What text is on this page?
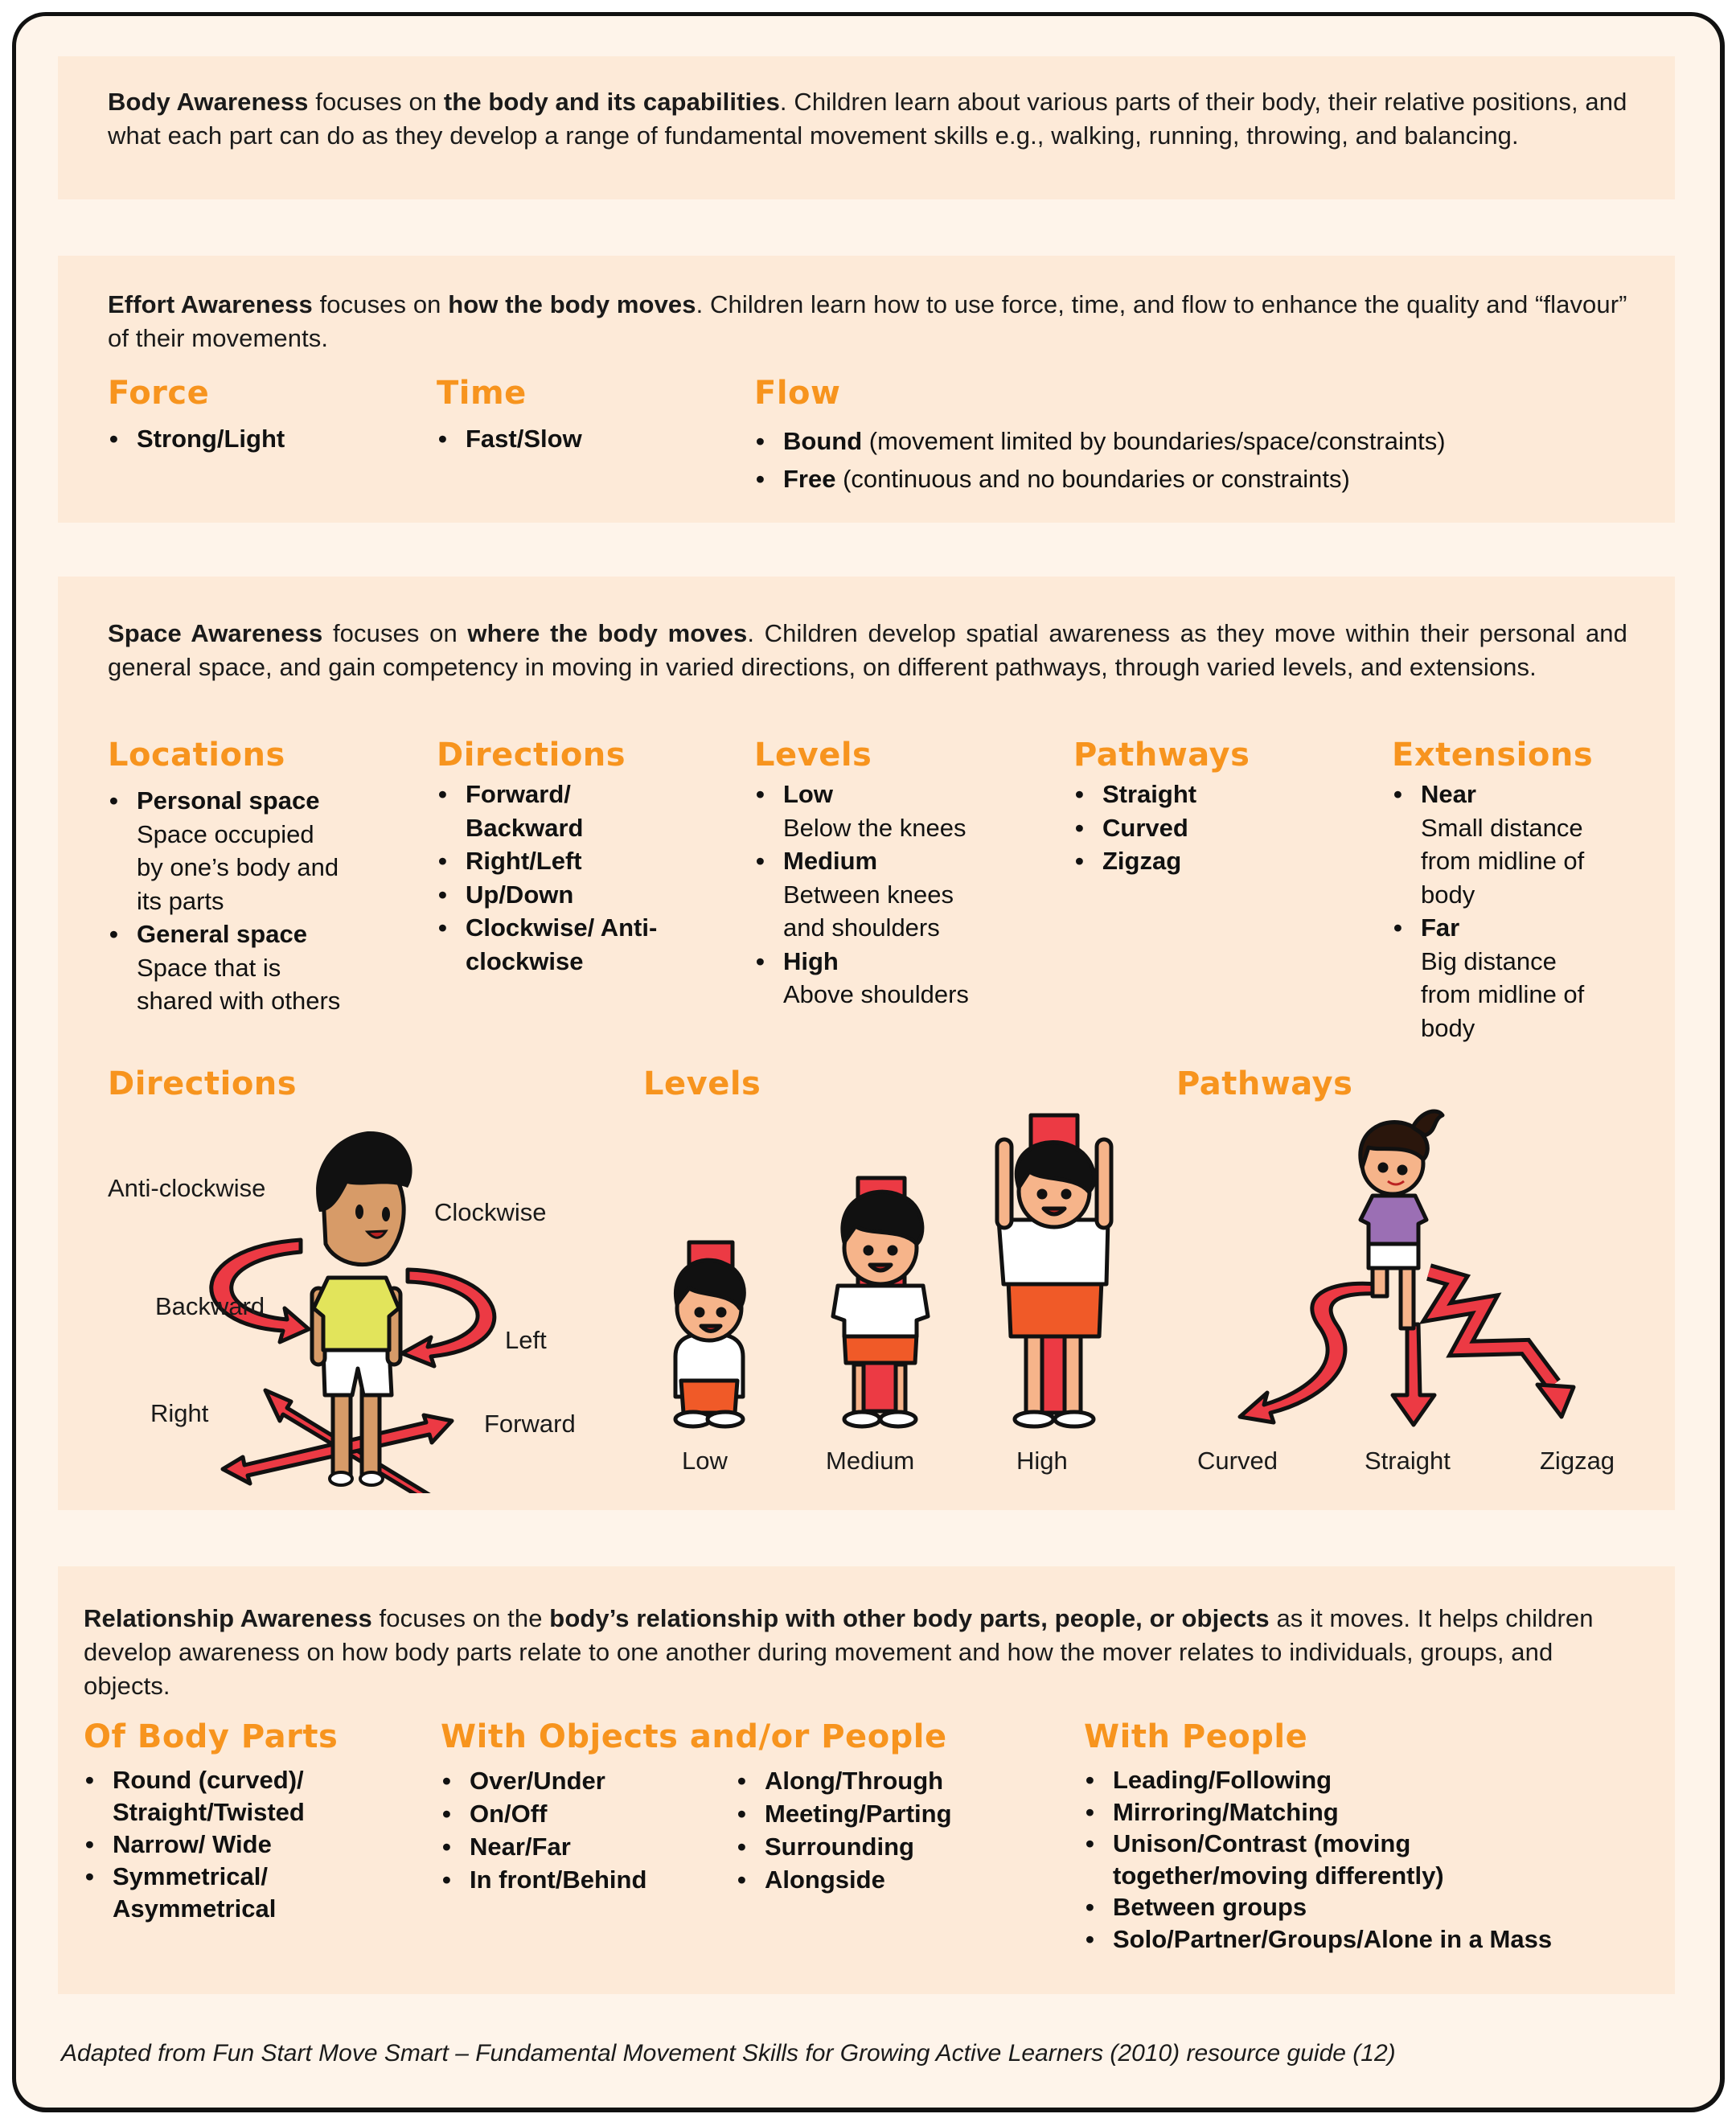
Body Awareness focuses on the body and its capabilities. Children learn about various parts of their body, their relative positions, and what each part can do as they develop a range of fundamental movement skills e.g., walking, running, throwing, and balancing.

Effort Awareness focuses on how the body moves. Children learn how to use force, time, and flow to enhance the quality and “flavour” of their movements.

Force
• Strong/Light
Time
• Fast/Slow
Flow
• Bound (movement limited by boundaries/space/constraints)
• Free (continuous and no boundaries or constraints)

Space Awareness focuses on where the body moves. Children develop spatial awareness as they move within their personal and general space, and gain competency in moving in varied directions, on different pathways, through varied levels, and extensions.

Locations
• Personal space
Space occupied by one’s body and its parts
• General space
Space that is shared with others
Directions
• Forward/ Backward
• Right/Left
• Up/Down
• Clockwise/ Anti-clockwise
Levels
• Low
Below the knees
• Medium
Between knees and shoulders
• High
Above shoulders
Pathways
• Straight
• Curved
• Zigzag
Extensions
• Near
Small distance from midline of body
• Far
Big distance from midline of body
Directions
Anti-clockwise
Clockwise
Backward
Left
Right	Forward
Levels
Low	Medium	High
Pathways
Curved	Straight	Zigzag

Relationship Awareness focuses on the body’s relationship with other body parts, people, or objects as it moves. It helps children develop awareness on how body parts relate to one another during movement and how the mover relates to individuals, groups, and objects.

Of Body Parts
• Round (curved)/ Straight/Twisted
• Narrow/ Wide
• Symmetrical/ Asymmetrical
With Objects and/or People
• Over/Under
• On/Off
• Near/Far
• In front/Behind
• Along/Through
• Meeting/Parting
• Surrounding
• Alongside
With People
• Leading/Following
• Mirroring/Matching
• Unison/Contrast (moving together/moving differently)
• Between groups
• Solo/Partner/Groups/Alone in a Mass

Adapted from Fun Start Move Smart – Fundamental Movement Skills for Growing Active Learners (2010) resource guide (12)
